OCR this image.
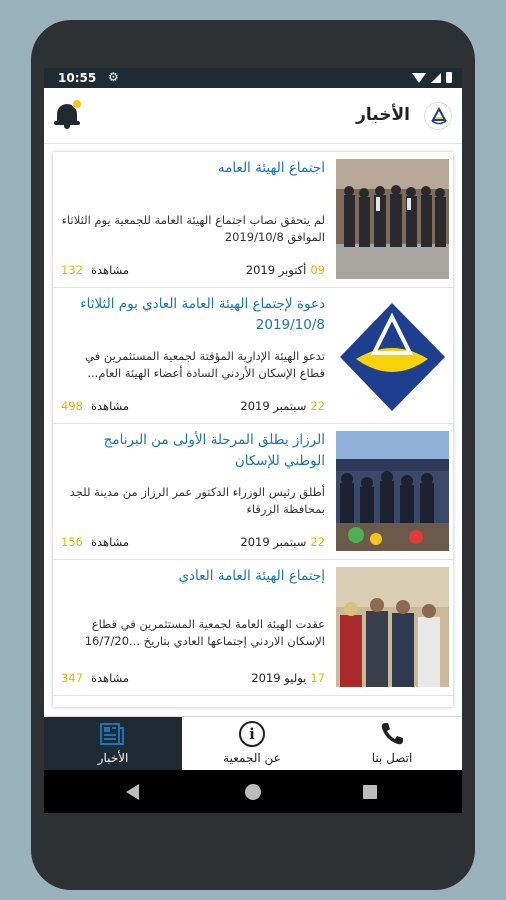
10:55 ⚙
الأخبار
اجتماع الهيئة العامه
لم يتحقق نصاب اجتماع الهيئة العامة للجمعية يوم الثلاثاء الموافق 2019/10/8
09أكتوبر 2019
مشاهدة132
دعوة لإجتماع الهيئة العامة العادي بوم الثلاثاء 2019/10/8
تدعو الهيئة الإدارية المؤقتة لجمعية المستثمرين في قطاع الإسكان الأردني السادة أعضاء الهيئة العام...
22سبتمبر 2019
مشاهدة498
الرزاز يطلق المرحلة الأولى من البرنامج الوطني للإسكان
أطلق رئيس الوزراء الدكتور عمر الرزاز من مدينة للجد بمحافظة الزرقاء
22سبتمبر 2019
مشاهدة156
إجتماع الهيئة العامة العادي
عقدت الهيئة العامة لجمعية المستثمرين في قطاع الإسكان الاردني إجتماعها العادي بتاريخ ...16/7/20
17يوليو 2019
مشاهدة347
الأخبار
i
عن الجمعية	اتصل بنا
